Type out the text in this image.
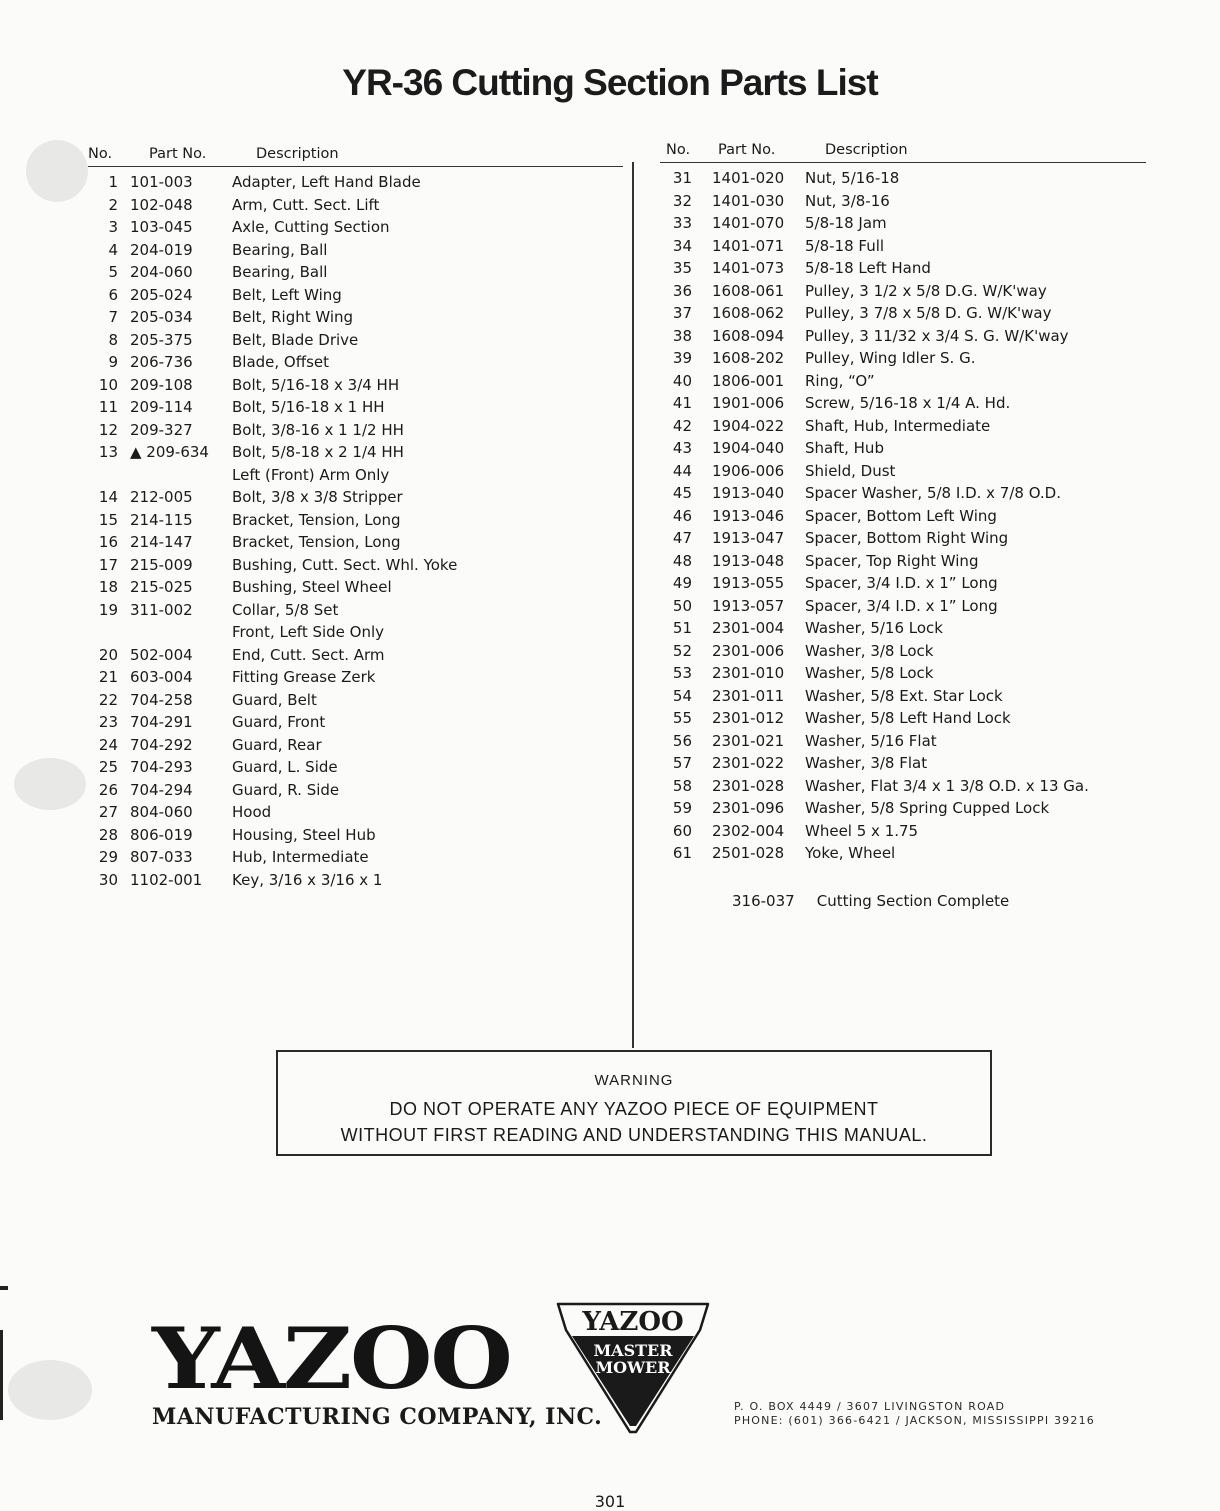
YR-36 Cutting Section Parts List
No.	Part No.	Description
1 101-003	Adapter, Left Hand Blade
2 102-048	Arm, Cutt. Sect. Lift
3 103-045	Axle, Cutting Section
4 204-019	Bearing, Ball
5 204-060	Bearing, Ball
6 205-024	Belt, Left Wing
7 205-034	Belt, Right Wing
8 205-375	Belt, Blade Drive
9 206-736	Blade, Offset
10 209-108	Bolt, 5/16-18 x 3/4 HH
11 209-114	Bolt, 5/16-18 x 1 HH
12 209-327	Bolt, 3/8-16 x 1 1/2 HH
13 ▲ 209-634 Bolt, 5/8-18 x 2 1/4 HH
Left (Front) Arm Only
14 212-005	Bolt, 3/8 x 3/8 Stripper
15 214-115	Bracket, Tension, Long
16 214-147	Bracket, Tension, Long
17 215-009	Bushing, Cutt. Sect. Whl. Yoke
18 215-025	Bushing, Steel Wheel
19 311-002	Collar, 5/8 Set
Front, Left Side Only
20 502-004	End, Cutt. Sect. Arm
21 603-004	Fitting Grease Zerk
22 704-258	Guard, Belt
23 704-291	Guard, Front
24 704-292	Guard, Rear
25 704-293	Guard, L. Side
26 704-294	Guard, R. Side
27 804-060	Hood
28 806-019	Housing, Steel Hub
29 807-033	Hub, Intermediate
30 1102-001 Key, 3/16 x 3/16 x 1
No. Part No.	Description
31 1401-020 Nut, 5/16-18
32 1401-030 Nut, 3/8-16
33 1401-070 5/8-18 Jam
34 1401-071 5/8-18 Full
35 1401-073 5/8-18 Left Hand
36 1608-061 Pulley, 3 1/2 x 5/8 D.G. W/K'way
37 1608-062 Pulley, 3 7/8 x 5/8 D. G. W/K'way
38 1608-094 Pulley, 3 11/32 x 3/4 S. G. W/K'way
39 1608-202 Pulley, Wing Idler S. G.
40 1806-001 Ring, “O”
41 1901-006 Screw, 5/16-18 x 1/4 A. Hd.
42 1904-022 Shaft, Hub, Intermediate
43 1904-040 Shaft, Hub
44 1906-006 Shield, Dust
45 1913-040 Spacer Washer, 5/8 I.D. x 7/8 O.D.
46 1913-046 Spacer, Bottom Left Wing
47 1913-047 Spacer, Bottom Right Wing
48 1913-048 Spacer, Top Right Wing
49 1913-055 Spacer, 3/4 I.D. x 1” Long
50 1913-057 Spacer, 3/4 I.D. x 1” Long
51 2301-004 Washer, 5/16 Lock
52 2301-006 Washer, 3/8 Lock
53 2301-010 Washer, 5/8 Lock
54 2301-011 Washer, 5/8 Ext. Star Lock
55 2301-012 Washer, 5/8 Left Hand Lock
56 2301-021 Washer, 5/16 Flat
57 2301-022 Washer, 3/8 Flat
58 2301-028 Washer, Flat 3/4 x 1 3/8 O.D. x 13 Ga.
59 2301-096 Washer, 5/8 Spring Cupped Lock
60 2302-004 Wheel 5 x 1.75
61 2501-028 Yoke, Wheel
316-037 Cutting Section Complete
WARNING
DO NOT OPERATE ANY YAZOO PIECE OF EQUIPMENT
WITHOUT FIRST READING AND UNDERSTANDING THIS MANUAL.
YAZOO
MANUFACTURING COMPANY, INC.
YAZOO
MASTER
MOWER
P. O. BOX 4449 / 3607 LIVINGSTON ROAD
PHONE: (601) 366-6421 / JACKSON, MISSISSIPPI 39216
301
